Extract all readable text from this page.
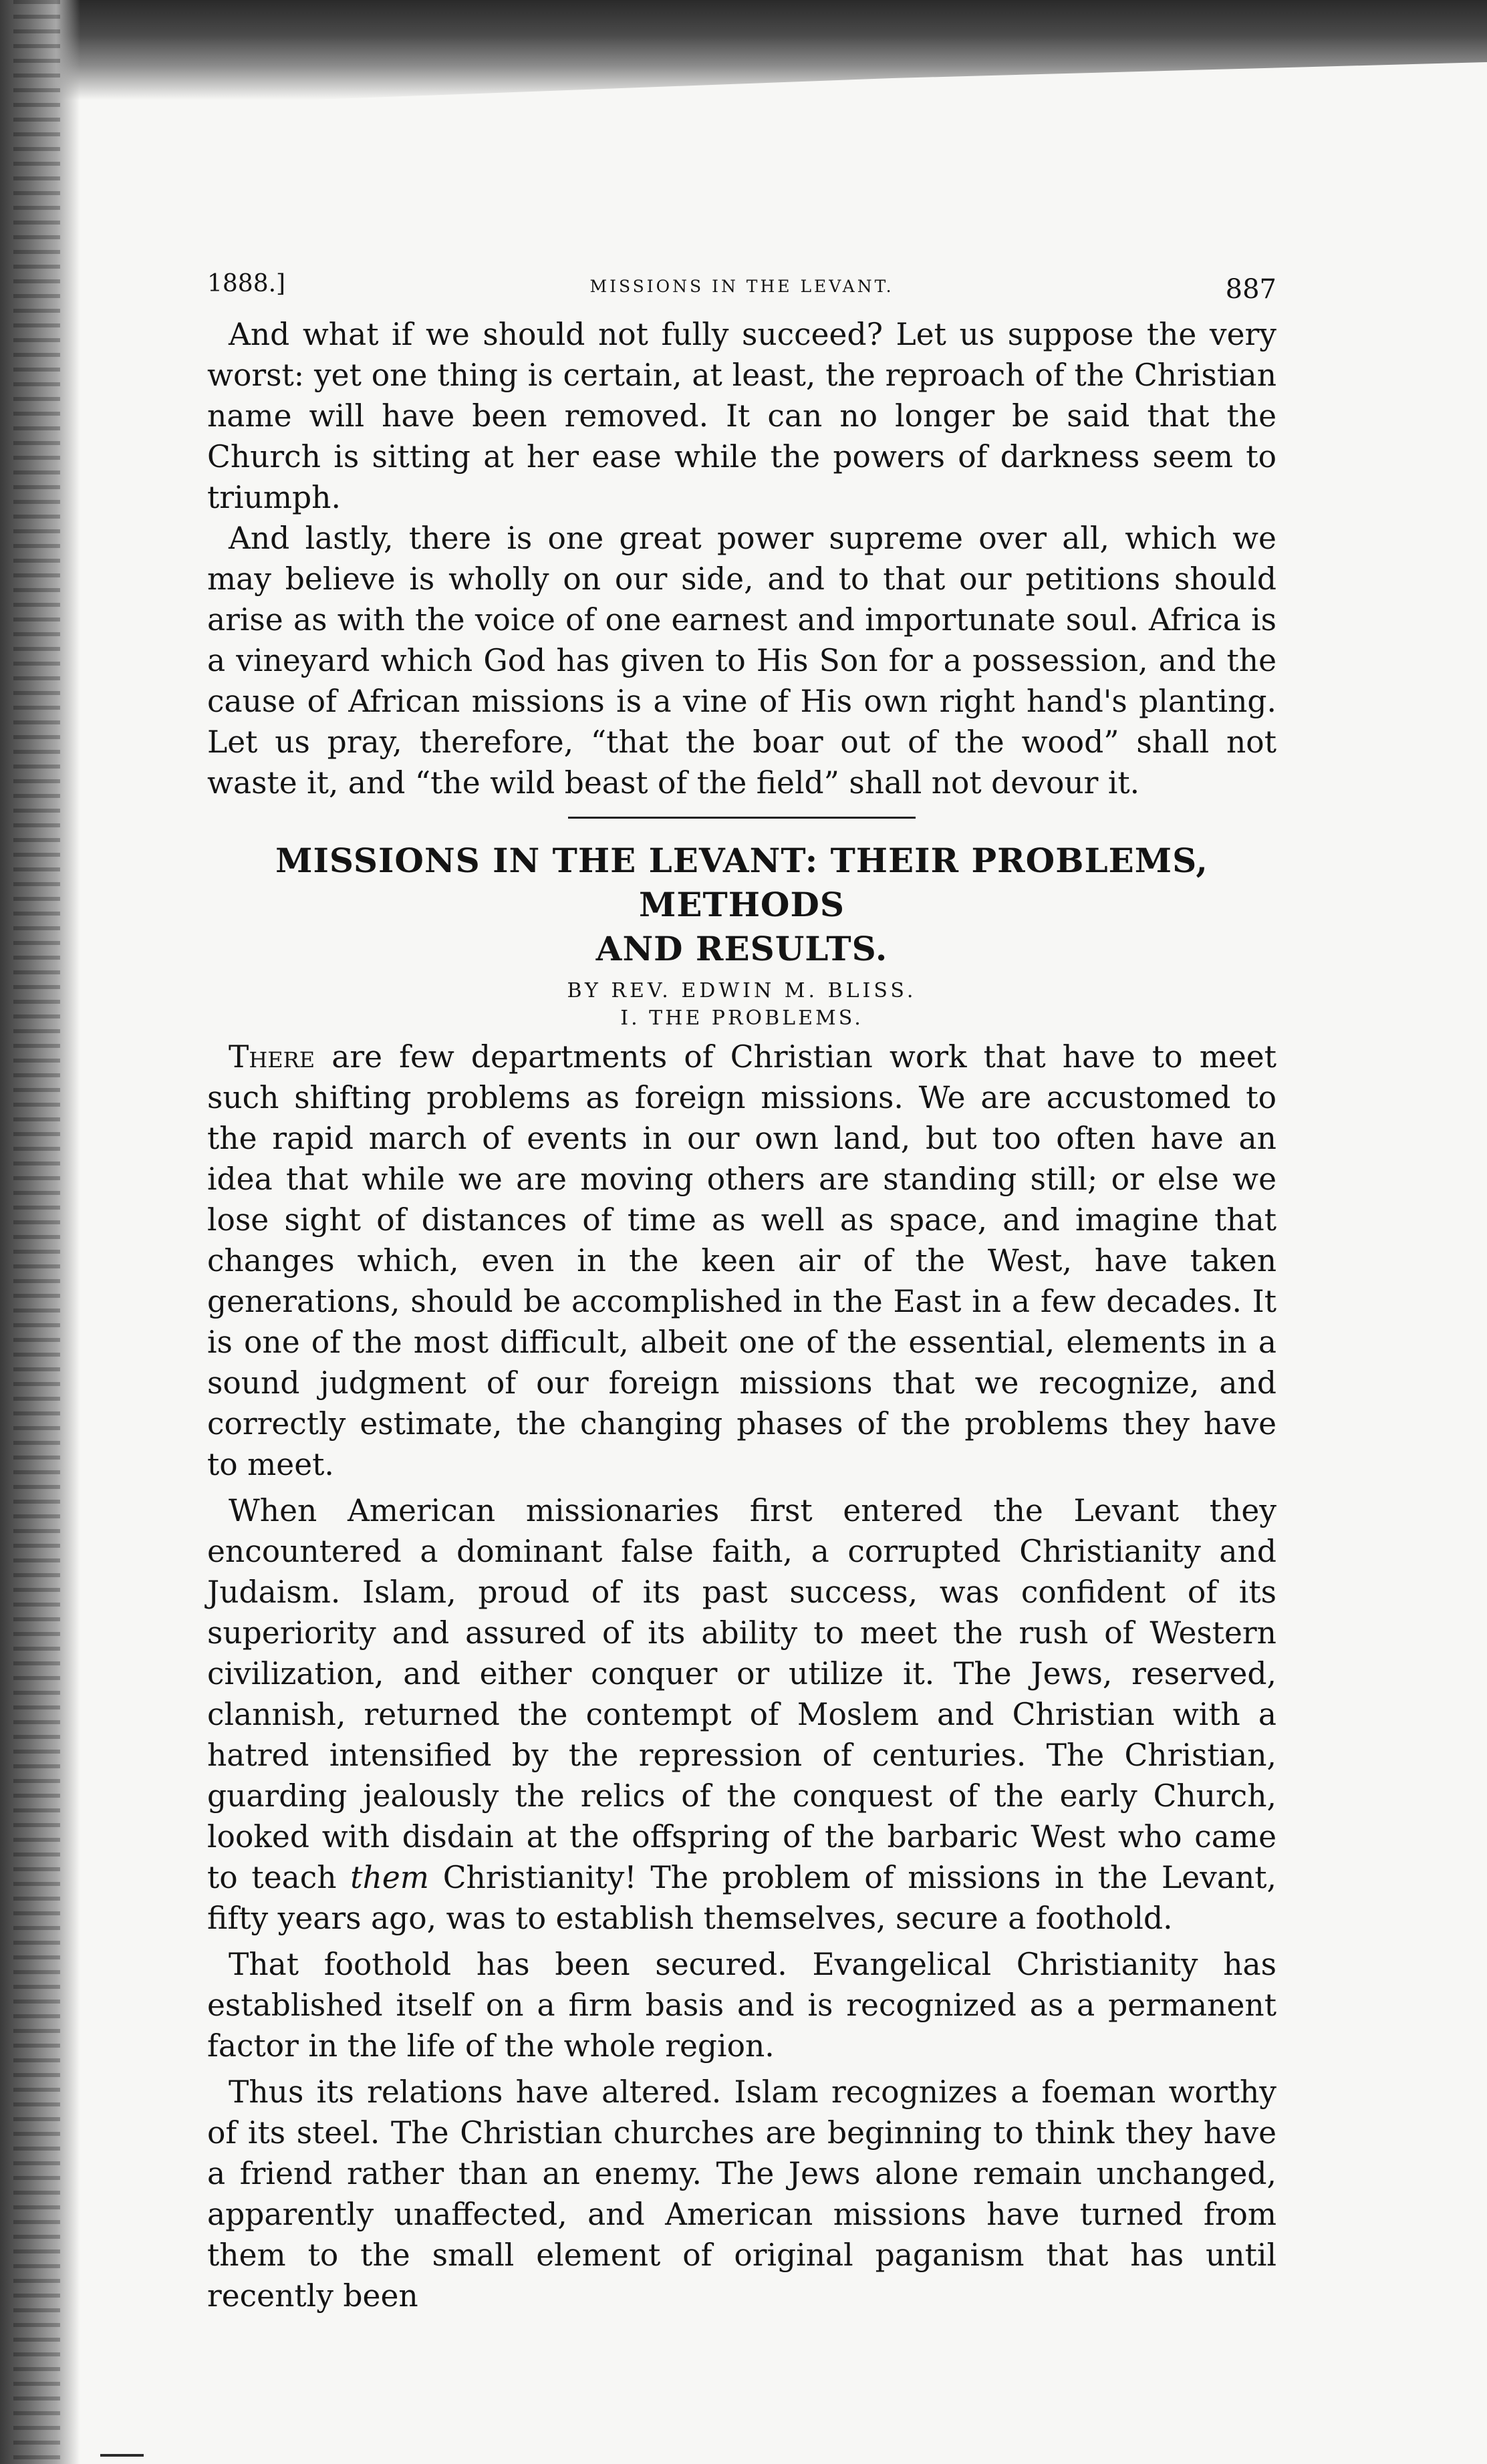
1888.]	MISSIONS IN THE LEVANT.	887

And what if we should not fully succeed? Let us suppose the very worst: yet one thing is certain, at least, the reproach of the Christian name will have been removed. It can no longer be said that the Church is sitting at her ease while the powers of darkness seem to triumph.

And lastly, there is one great power supreme over all, which we may believe is wholly on our side, and to that our petitions should arise as with the voice of one earnest and importunate soul. Africa is a vineyard which God has given to His Son for a possession, and the cause of African missions is a vine of His own right hand's planting. Let us pray, therefore, “that the boar out of the wood” shall not waste it, and “the wild beast of the field” shall not devour it.

MISSIONS IN THE LEVANT: THEIR PROBLEMS, METHODS
AND RESULTS.
BY REV. EDWIN M. BLISS.
I. THE PROBLEMS.

There are few departments of Christian work that have to meet such shifting problems as foreign missions. We are accustomed to the rapid march of events in our own land, but too often have an idea that while we are moving others are standing still; or else we lose sight of distances of time as well as space, and imagine that changes which, even in the keen air of the West, have taken generations, should be accomplished in the East in a few decades. It is one of the most difficult, albeit one of the essential, elements in a sound judgment of our foreign missions that we recognize, and correctly estimate, the changing phases of the problems they have to meet.

When American missionaries first entered the Levant they encountered a dominant false faith, a corrupted Christianity and Judaism. Islam, proud of its past success, was confident of its superiority and assured of its ability to meet the rush of Western civilization, and either conquer or utilize it. The Jews, reserved, clannish, returned the contempt of Moslem and Christian with a hatred intensified by the repression of centuries. The Christian, guarding jealously the relics of the conquest of the early Church, looked with disdain at the offspring of the barbaric West who came to teach them Christianity! The problem of missions in the Levant, fifty years ago, was to establish themselves, secure a foothold.

That foothold has been secured. Evangelical Christianity has established itself on a firm basis and is recognized as a permanent factor in the life of the whole region.

Thus its relations have altered. Islam recognizes a foeman worthy of its steel. The Christian churches are beginning to think they have a friend rather than an enemy. The Jews alone remain unchanged, apparently unaffected, and American missions have turned from them to the small element of original paganism that has until recently been
